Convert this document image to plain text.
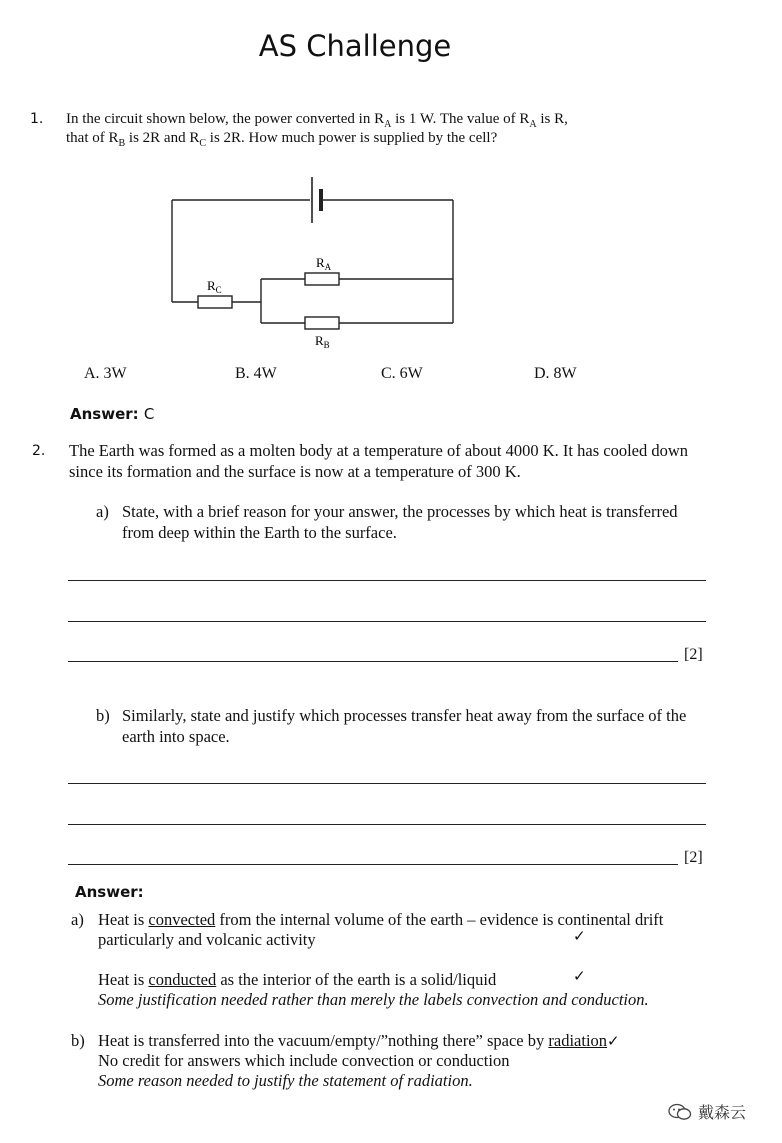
AS Challenge
1. In the circuit shown below, the power converted in $R_A$ is 1 W. The value of $R_A$ is R,
that of $R_B$ is 2R and $R_C$ is 2R. How much power is supplied by the cell?
$R_A$
$R_C$
$R_B$
A. 3W	B. 4W	C. 6W	D. 8W
Answer: C
2. The Earth was formed as a molten body at a temperature of about 4000 K. It has cooled down
since its formation and the surface is now at a temperature of 300 K.
a) State, with a brief reason for your answer, the processes by which heat is transferred
from deep within the Earth to the surface.
[2]
b) Similarly, state and justify which processes transfer heat away from the surface of the
earth into space.
[2]
Answer:
a) Heat is convected from the internal volume of the earth – evidence is continental drift
particularly and volcanic activity	✓
Heat is conducted as the interior of the earth is a solid/liquid	✓
Some justification needed rather than merely the labels convection and conduction.
b) Heat is transferred into the vacuum/empty/”nothing there” space by radiation✓
No credit for answers which include convection or conduction
Some reason needed to justify the statement of radiation.
戴森云
